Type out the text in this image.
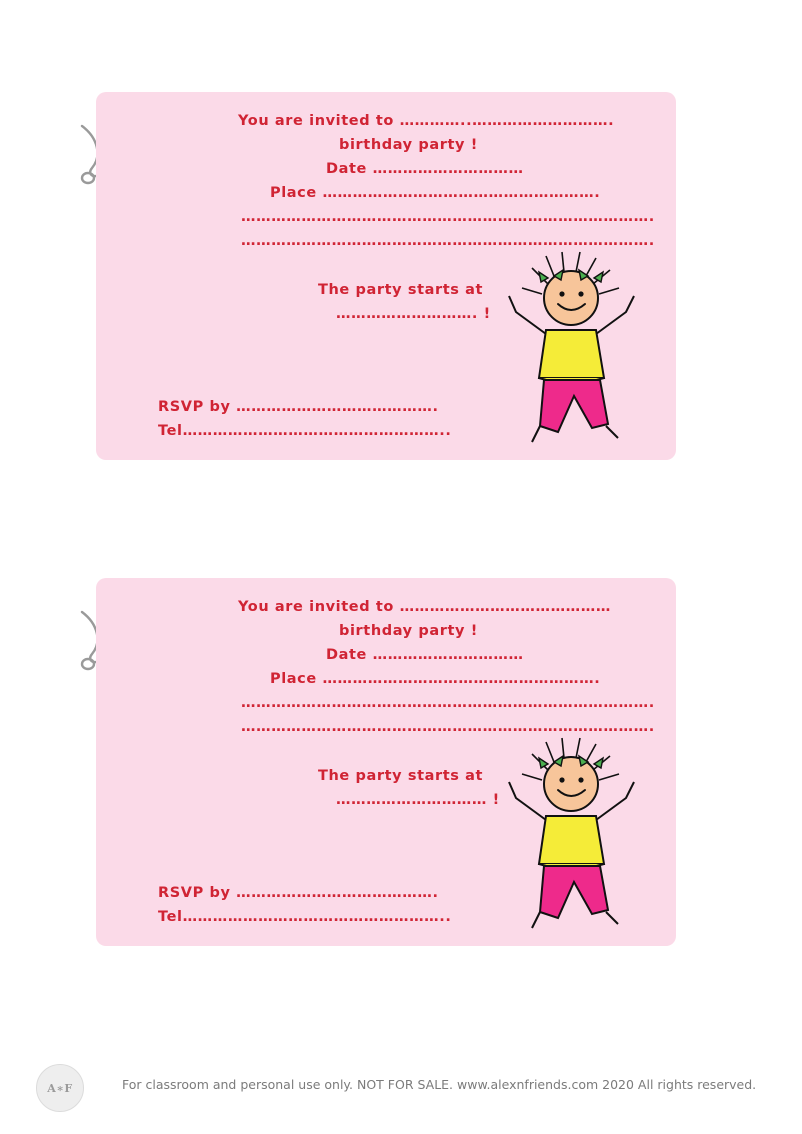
You are invited to …………..……………………….
birthday party !
Date …………………………
Place ……………………………………………….
……………………………………………………………………….
……………………………………………………………………….
The party starts at
………………………. !
RSVP by ………………………………….
Tel……………………………………………..
You are invited to ……………………………………
birthday party !
Date …………………………
Place ……………………………………………….
……………………………………………………………………….
……………………………………………………………………….
The party starts at
………………………… !
RSVP by ………………………………….
Tel……………………………………………..
A∗F	For classroom and personal use only. NOT FOR SALE. www.alexnfriends.com 2020 All rights reserved.
